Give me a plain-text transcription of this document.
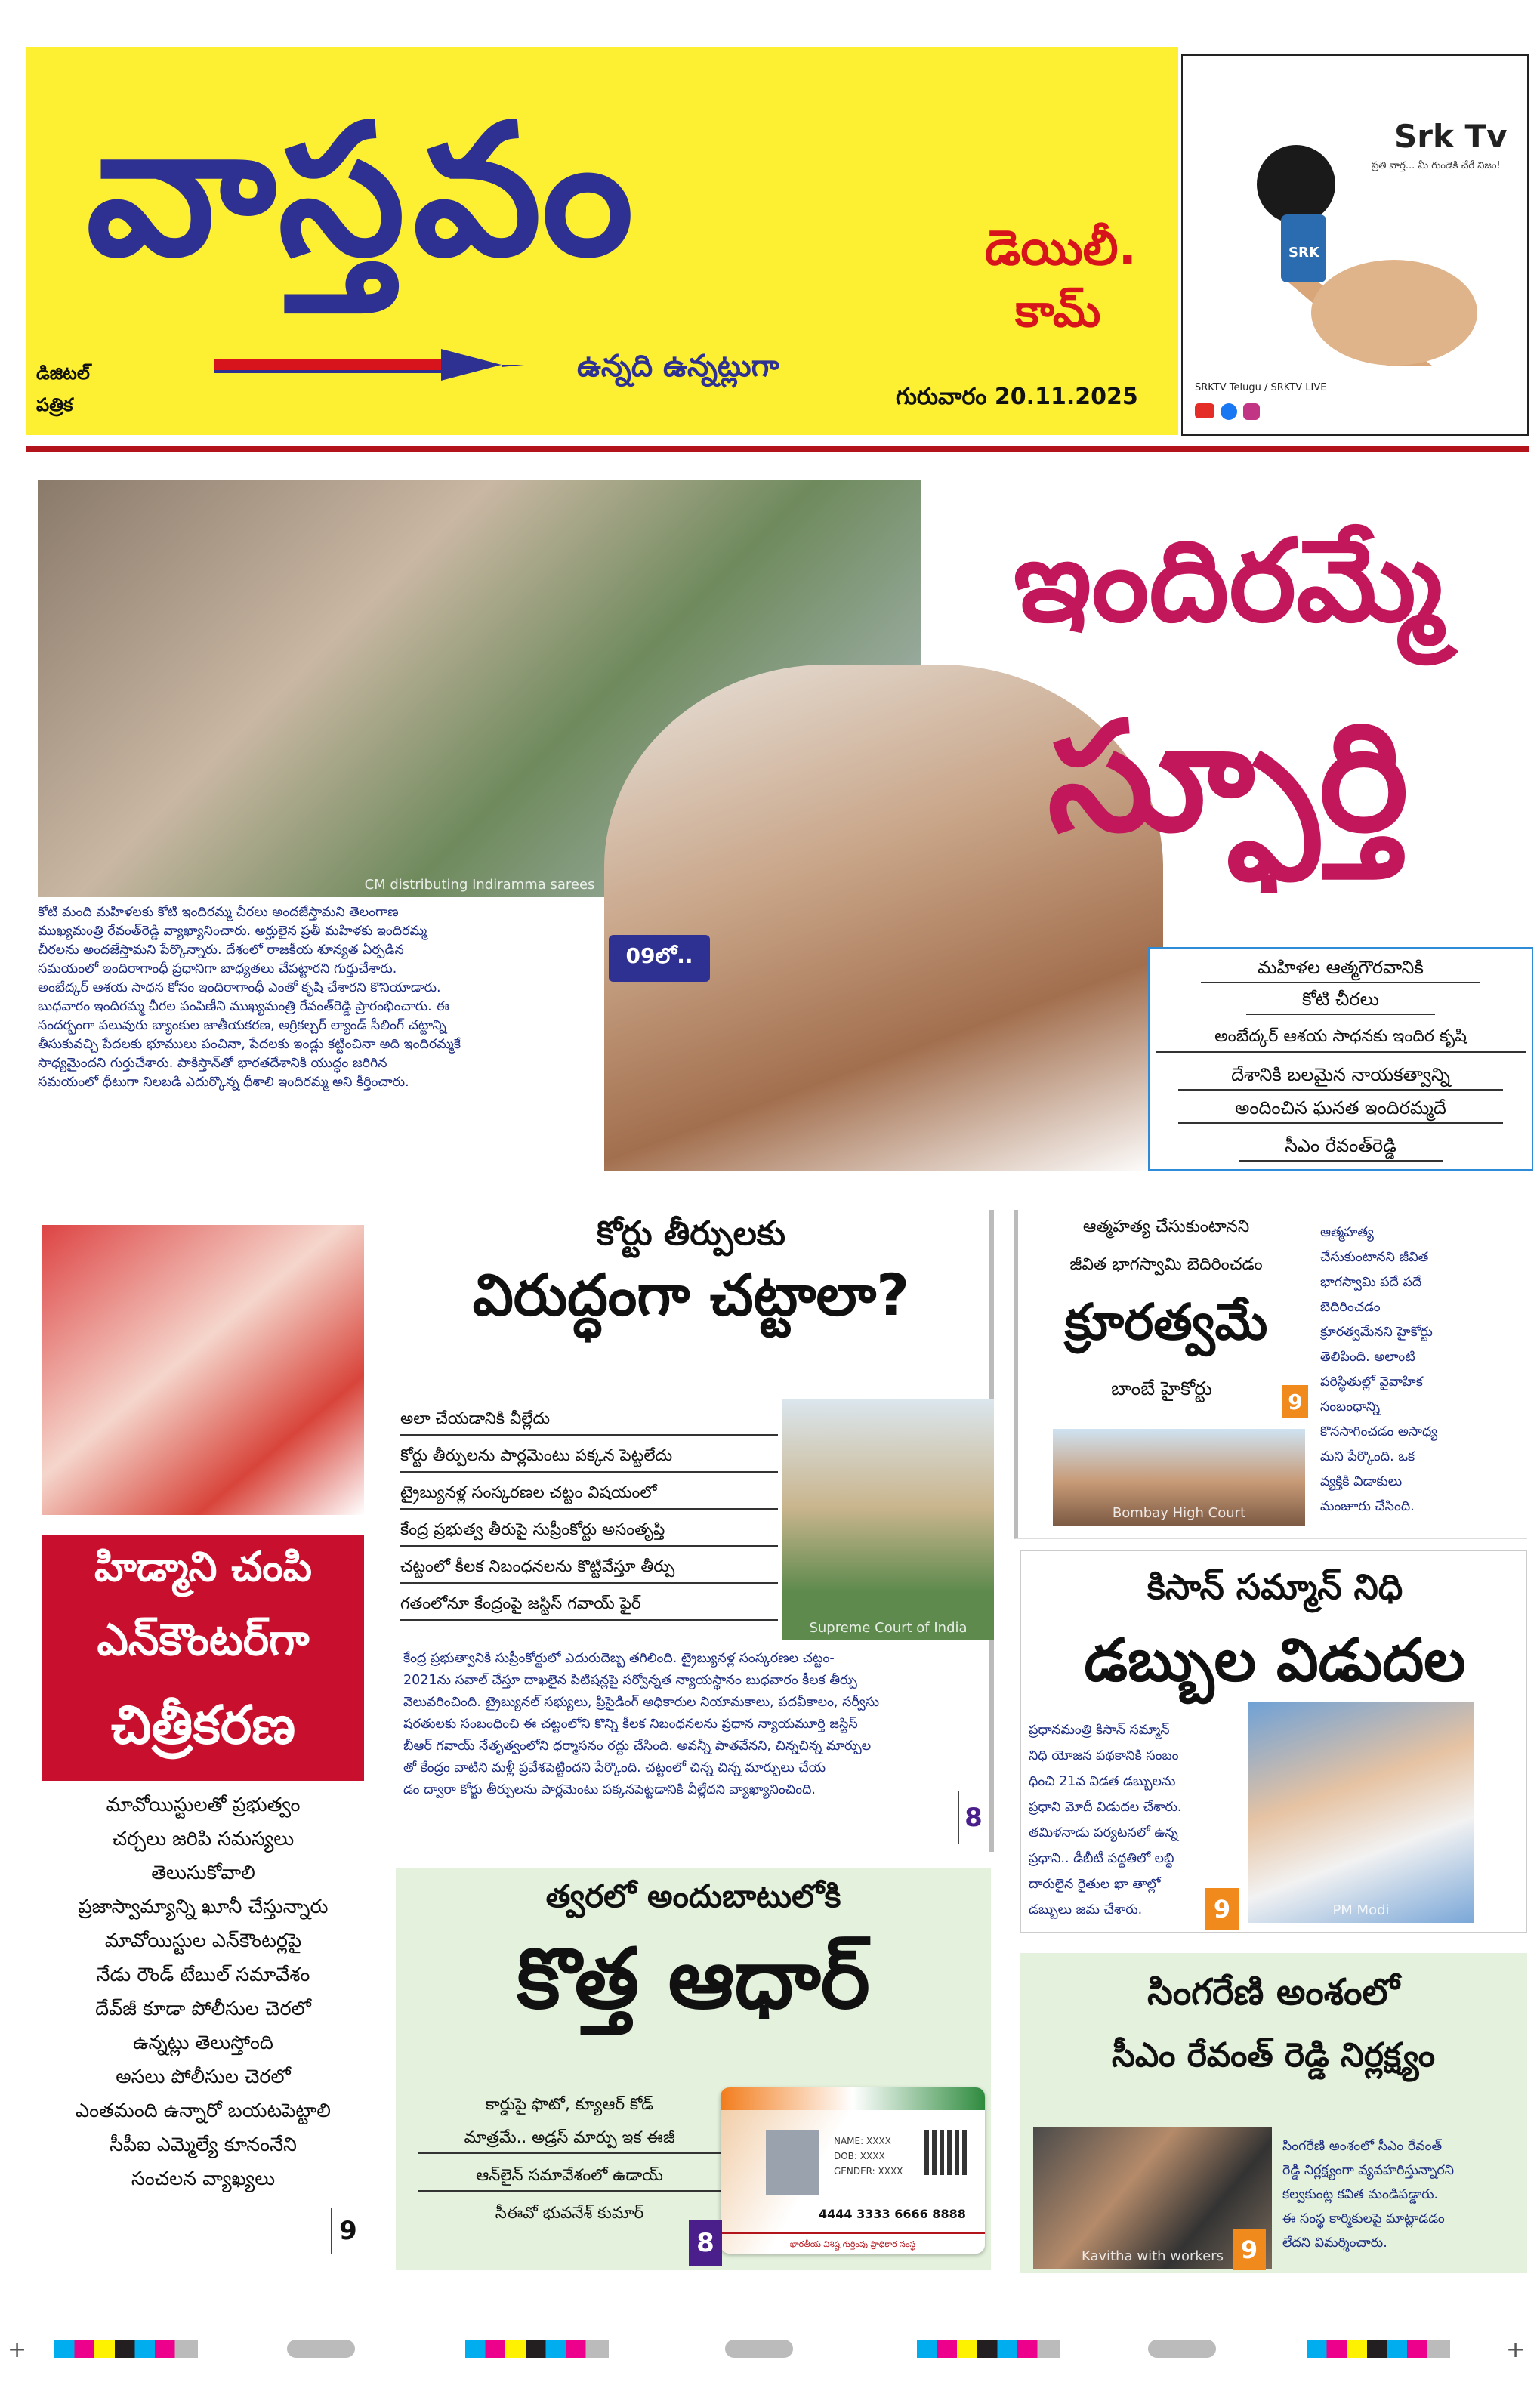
వాస్తవం	డెయిలీ.
కామ్
ఉన్నది ఉన్నట్లుగా
డిజిటల్
పత్రిక	గురువారం 20.11.2025
Srk Tv
ప్రతి వార్త... మీ గుండెకి చేరే నిజం!
SRK
SRKTV Telugu / SRKTV LIVE
CM distributing Indiramma sarees
ఇందిరమ్మే
స్ఫూర్తి
కోటి మంది మహిళలకు కోటి ఇందిరమ్మ చీరలు అందజేస్తామని తెలంగాణ
ముఖ్యమంత్రి రేవంత్‌రెడ్డి వ్యాఖ్యానించారు. అర్హులైన ప్రతీ మహిళకు ఇందిరమ్మ
చీరలను అందజేస్తామని పేర్కొన్నారు. దేశంలో రాజకీయ శూన్యత ఏర్పడిన
సమయంలో ఇందిరాగాంధీ ప్రధానిగా బాధ్యతలు చేపట్టారని గుర్తుచేశారు.
అంబేద్కర్ ఆశయ సాధన కోసం ఇందిరాగాంధీ ఎంతో కృషి చేశారని కొనియాడారు.
బుధవారం ఇందిరమ్మ చీరల పంపిణీని ముఖ్యమంత్రి రేవంత్‌రెడ్డి ప్రారంభించారు. ఈ
సందర్భంగా పలువురు బ్యాంకుల జాతీయకరణ, అగ్రికల్చర్ ల్యాండ్ సీలింగ్ చట్టాన్ని
తీసుకువచ్చి పేదలకు భూములు పంచినా, పేదలకు ఇండ్లు కట్టించినా అది ఇందిరమ్మకే
సాధ్యమైందని గుర్తుచేశారు. పాకిస్తాన్‌తో భారతదేశానికి యుద్ధం జరిగిన
సమయంలో ధీటుగా నిలబడి ఎదుర్కొన్న ధీశాలి ఇందిరమ్మ అని కీర్తించారు.
09లో..	మహిళల ఆత్మగౌరవానికి
కోటి చీరలు
అంబేద్కర్ ఆశయ సాధనకు ఇందిర కృషి
దేశానికి బలమైన నాయకత్వాన్ని
అందించిన ఘనత ఇందిరమ్మదే
సీఎం రేవంత్‌రెడ్డి
హిడ్మాని చంపి
ఎన్‌కౌంటర్‌గా
చిత్రీకరణ
మావోయిస్టులతో ప్రభుత్వం
చర్చలు జరిపి సమస్యలు
తెలుసుకోవాలి
ప్రజాస్వామ్యాన్ని ఖూనీ చేస్తున్నారు
మావోయిస్టుల ఎన్‌కౌంటర్లపై
నేడు రౌండ్ టేబుల్ సమావేశం
దేవ్‌జీ కూడా పోలీసుల చెరలో
ఉన్నట్లు తెలుస్తోంది
అసలు పోలీసుల చెరలో
ఎంతమంది ఉన్నారో బయటపెట్టాలి
సీపీఐ ఎమ్మెల్యే కూనంనేని
సంచలన వ్యాఖ్యలు
9
కోర్టు తీర్పులకు
విరుద్ధంగా చట్టాలా?
అలా చేయడానికి వీల్లేదు
కోర్టు తీర్పులను పార్లమెంటు పక్కన పెట్టలేదు
ట్రైబ్యునళ్ల సంస్కరణల చట్టం విషయంలో
కేంద్ర ప్రభుత్వ తీరుపై సుప్రీంకోర్టు అసంతృప్తి
చట్టంలో కీలక నిబంధనలను కొట్టివేస్తూ తీర్పు
గతంలోనూ కేంద్రంపై జస్టిస్ గవాయ్ ఫైర్
Supreme Court of India
కేంద్ర ప్రభుత్వానికి సుప్రీంకోర్టులో ఎదురుదెబ్బ తగిలింది. ట్రైబ్యునళ్ల సంస్కరణల చట్టం-
2021ను సవాల్ చేస్తూ దాఖలైన పిటిషన్లపై సర్వోన్నత న్యాయస్థానం బుధవారం కీలక తీర్పు
వెలువరించింది. ట్రైబ్యునల్ సభ్యులు, ప్రిసైడింగ్ అధికారుల నియామకాలు, పదవీకాలం, సర్వీసు
షరతులకు సంబంధించి ఈ చట్టంలోని కొన్ని కీలక నిబంధనలను ప్రధాన న్యాయమూర్తి జస్టిస్
బీఆర్ గవాయ్ నేతృత్వంలోని ధర్మాసనం రద్దు చేసింది. అవన్నీ పాతవేనని, చిన్నచిన్న మార్పుల
తో కేంద్రం వాటిని మళ్లీ ప్రవేశపెట్టిందని పేర్కొంది. చట్టంలో చిన్న చిన్న మార్పులు చేయ
డం ద్వారా కోర్టు తీర్పులను పార్లమెంటు పక్కనపెట్టడానికి వీల్లేదని వ్యాఖ్యానించింది.
8
త్వరలో అందుబాటులోకి
కొత్త ఆధార్
కార్డుపై ఫొటో, క్యూఆర్ కోడ్
మాత్రమే.. అడ్రస్ మార్పు ఇక ఈజీ
ఆన్‌లైన్ సమావేశంలో ఉడాయ్
సీఈవో భువనేశ్ కుమార్
NAME: XXXX
DOB: XXXX
GENDER: XXXX
4444 3333 6666 8888
భారతీయ విశిష్ట గుర్తింపు ప్రాధికార సంస్థ
8
ఆత్మహత్య చేసుకుంటానని
జీవిత భాగస్వామి బెదిరించడం
క్రూరత్వమే
బాంబే హైకోర్టు
9
Bombay High Court
ఆత్మహత్య
చేసుకుంటానని జీవిత
భాగస్వామి పదే పదే
బెదిరించడం
క్రూరత్వమేనని హైకోర్టు
తెలిపింది. అలాంటి
పరిస్థితుల్లో వైవాహిక
సంబంధాన్ని
కొనసాగించడం అసాధ్య
మని పేర్కొంది. ఒక
వ్యక్తికి విడాకులు
మంజూరు చేసింది.
కిసాన్ సమ్మాన్ నిధి
డబ్బుల విడుదల
ప్రధానమంత్రి కిసాన్ సమ్మాన్
నిధి యోజన పథకానికి సంబం
ధించి 21వ విడత డబ్బులను
ప్రధాని మోదీ విడుదల చేశారు.
తమిళనాడు పర్యటనలో ఉన్న
ప్రధాని.. డీబీటీ పద్ధతిలో లబ్ధి
దారులైన రైతుల ఖా తాల్లో
డబ్బులు జమ చేశారు.	9	PM Modi
సింగరేణి అంశంలో
సీఎం రేవంత్ రెడ్డి నిర్లక్ష్యం
Kavitha with workers 9
సింగరేణి అంశంలో సీఎం రేవంత్
రెడ్డి నిర్లక్ష్యంగా వ్యవహరిస్తున్నారని
కల్వకుంట్ల కవిత మండిపడ్డారు.
ఈ సంస్థ కార్మికులపై మాట్లాడడం
లేదని విమర్శించారు.
+	+
